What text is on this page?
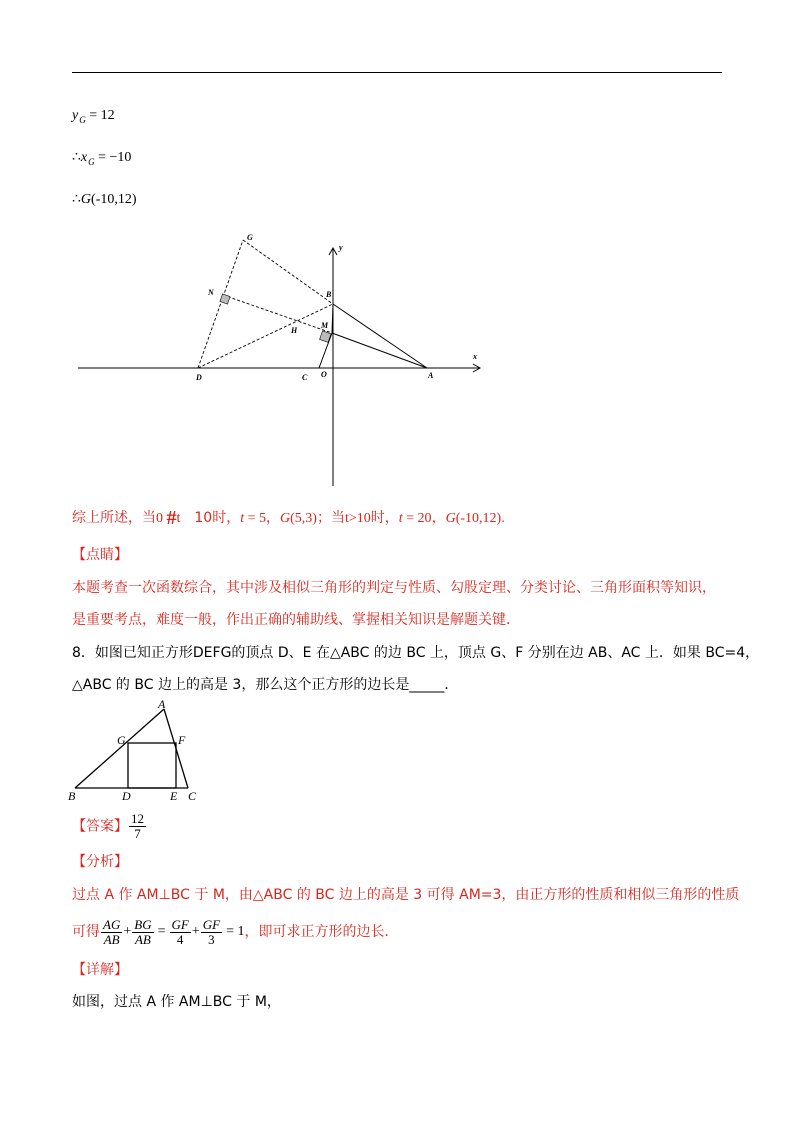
$y_G = 12$
$\therefore x_G = -10$
∴G(-10,12)
G
N	B
y
M
H
x
D	C O	A
综上所述，当0 #t 10时，t = 5，G(5,3)；当t>10时，t = 20，G(-10,12).
【点睛】
本题考查一次函数综合，其中涉及相似三角形的判定与性质、勾股定理、分类讨论、三角形面积等知识，
是重要考点，难度一般，作出正确的辅助线、掌握相关知识是解题关键．
8．如图已知正方形DEFG的顶点 D、E 在△ABC 的边 BC 上，顶点 G、F 分别在边 AB、AC 上．如果 BC=4，
△ABC 的 BC 边上的高是 3，那么这个正方形的边长是_____．
A
G	F
B	D	E C
【答案】 $\frac{12}{7}$
【分析】
过点 A 作 AM⊥BC 于 M，由△ABC 的 BC 边上的高是 3 可得 AM=3，由正方形的性质和相似三角形的性质
可得 $\frac{AG}{AB} + \frac{BG}{AB} = \frac{GF}{4} + \frac{GF}{3} = 1$ ，即可求正方形的边长．
【详解】
如图，过点 A 作 AM⊥BC 于 M，
